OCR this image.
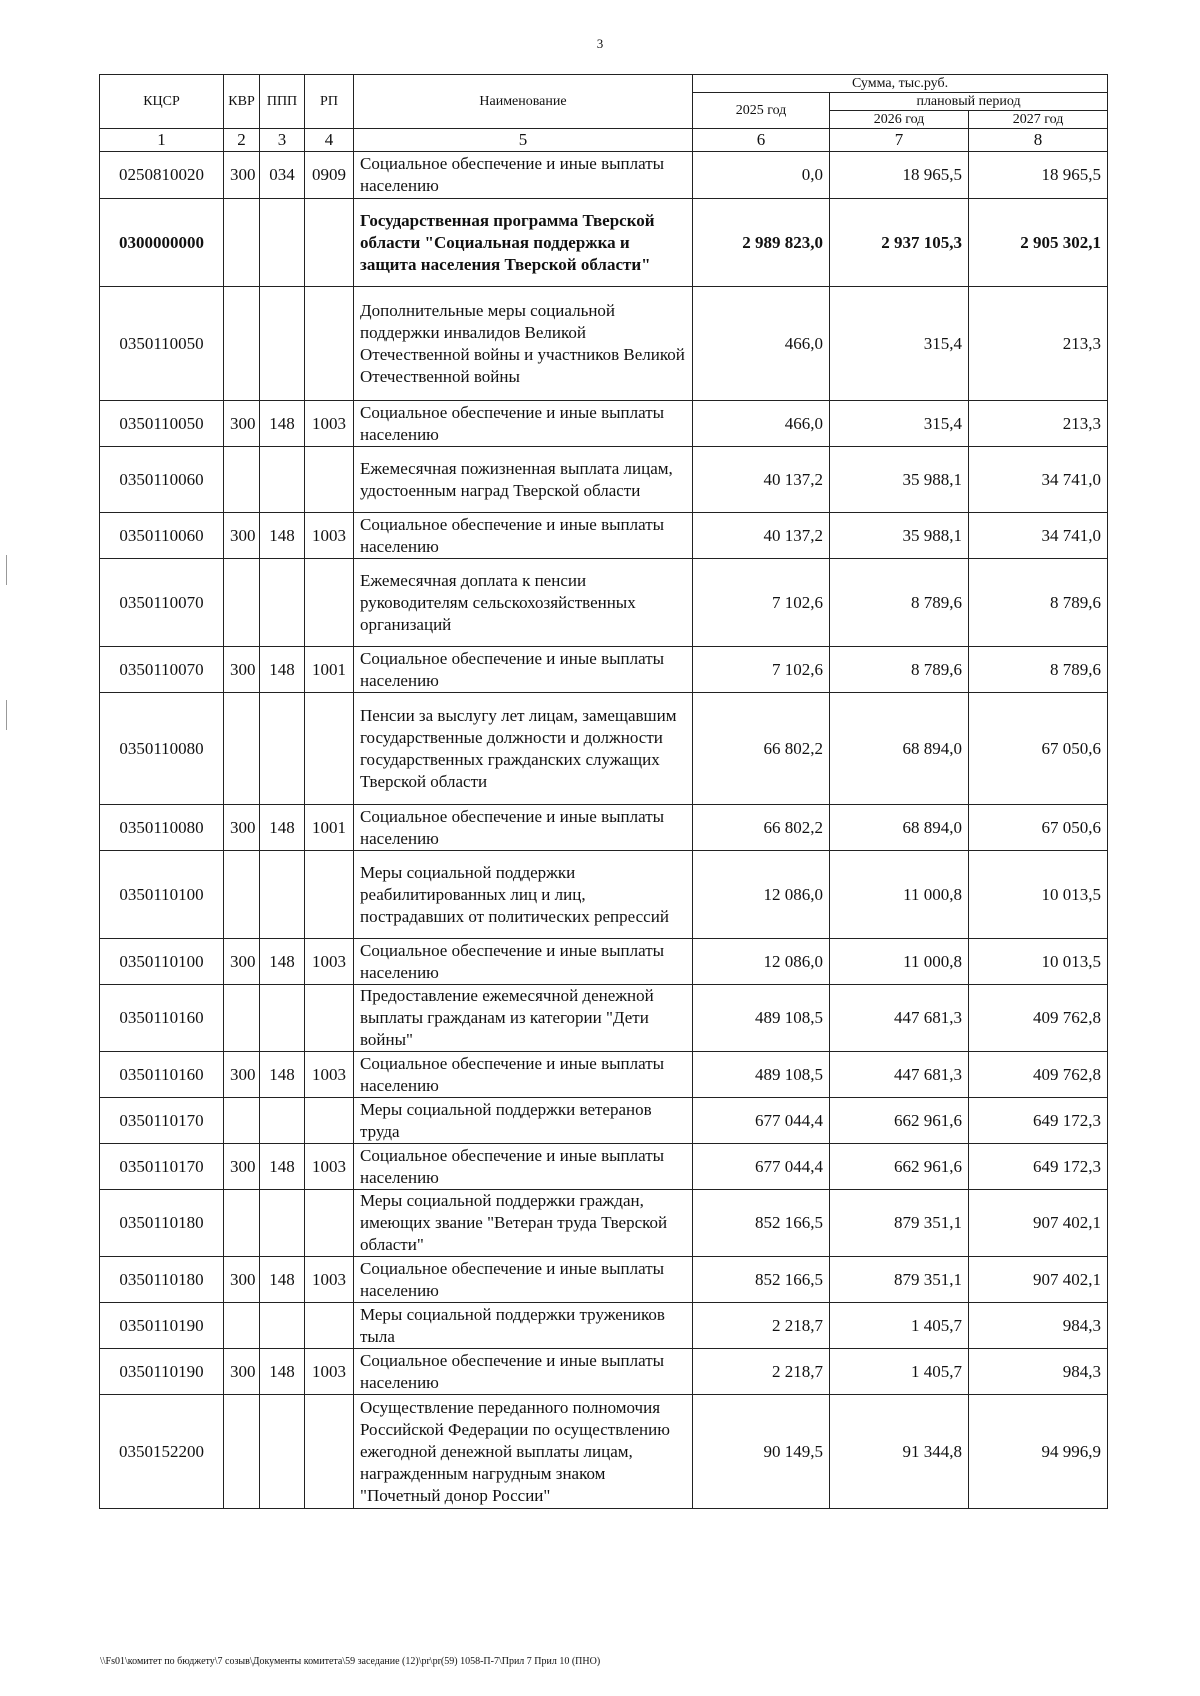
3
КЦСР	КВР	ППП	РП	Наименование	Сумма, тыс.руб.		
					2025 год	плановый период	
						2026 год	2027 год
1	2	3	4	5	6	7	8
0250810020	300	034	0909	Социальное обеспечение и иные выплаты населению	0,0	18 965,5	18 965,5
0300000000				Государственная программа Тверской области "Социальная поддержка и защита населения Тверской области"	2 989 823,0	2 937 105,3	2 905 302,1
0350110050				Дополнительные меры социальной поддержки инвалидов Великой Отечественной войны и участников Великой Отечественной войны	466,0	315,4	213,3
0350110050	300	148	1003	Социальное обеспечение и иные выплаты населению	466,0	315,4	213,3
0350110060				Ежемесячная пожизненная выплата лицам, удостоенным наград Тверской области	40 137,2	35 988,1	34 741,0
0350110060	300	148	1003	Социальное обеспечение и иные выплаты населению	40 137,2	35 988,1	34 741,0
0350110070				Ежемесячная доплата к пенсии руководителям сельскохозяйственных организаций	7 102,6	8 789,6	8 789,6
0350110070	300	148	1001	Социальное обеспечение и иные выплаты населению	7 102,6	8 789,6	8 789,6
0350110080				Пенсии за выслугу лет лицам, замещавшим государственные должности и должности государственных гражданских служащих Тверской области	66 802,2	68 894,0	67 050,6
0350110080	300	148	1001	Социальное обеспечение и иные выплаты населению	66 802,2	68 894,0	67 050,6
0350110100				Меры социальной поддержки реабилитированных лиц и лиц, пострадавших от политических репрессий	12 086,0	11 000,8	10 013,5
0350110100	300	148	1003	Социальное обеспечение и иные выплаты населению	12 086,0	11 000,8	10 013,5
0350110160				Предоставление ежемесячной денежной выплаты гражданам из категории "Дети войны"	489 108,5	447 681,3	409 762,8
0350110160	300	148	1003	Социальное обеспечение и иные выплаты населению	489 108,5	447 681,3	409 762,8
0350110170				Меры социальной поддержки ветеранов труда	677 044,4	662 961,6	649 172,3
0350110170	300	148	1003	Социальное обеспечение и иные выплаты населению	677 044,4	662 961,6	649 172,3
0350110180				Меры социальной поддержки граждан, имеющих звание "Ветеран труда Тверской области"	852 166,5	879 351,1	907 402,1
0350110180	300	148	1003	Социальное обеспечение и иные выплаты населению	852 166,5	879 351,1	907 402,1
0350110190				Меры социальной поддержки тружеников тыла	2 218,7	1 405,7	984,3
0350110190	300	148	1003	Социальное обеспечение и иные выплаты населению	2 218,7	1 405,7	984,3
0350152200				Осуществление переданного полномочия Российской Федерации по осуществлению ежегодной денежной выплаты лицам, награжденным нагрудным знаком "Почетный донор России"	90 149,5	91 344,8	94 996,9
\\Fs01\комитет по бюджету\7 созыв\Документы комитета\59 заседание (12)\pr\pr(59) 1058-П-7\Прил 7 Прил 10 (ПНО)
